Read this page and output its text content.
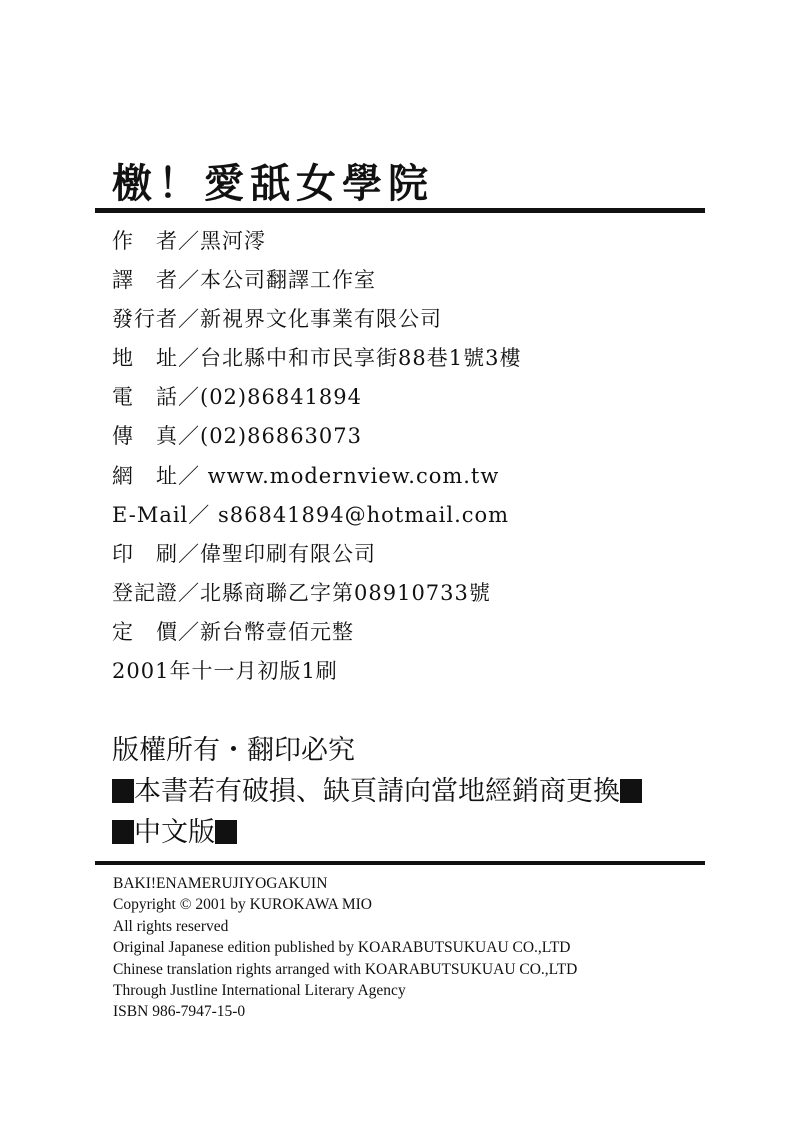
檄！愛舐女學院
作　者／黑河澪
譯　者／本公司翻譯工作室
發行者／新視界文化事業有限公司
地　址／台北縣中和市民享街88巷1號3樓
電　話／(02)86841894
傳　真／(02)86863073
網　址／ www.modernview.com.tw
E-Mail／ s86841894@hotmail.com
印　刷／偉聖印刷有限公司
登記證／北縣商聯乙字第08910733號
定　價／新台幣壹佰元整
2001年十一月初版1刷
版權所有・翻印必究
本書若有破損、缺頁請向當地經銷商更換
中文版
BAKI!ENAMERUJIYOGAKUIN
Copyright © 2001 by KUROKAWA MIO
All rights reserved
Original Japanese edition published by KOARABUTSUKUAU CO.,LTD
Chinese translation rights arranged with KOARABUTSUKUAU CO.,LTD
Through Justline International Literary Agency
ISBN 986-7947-15-0
